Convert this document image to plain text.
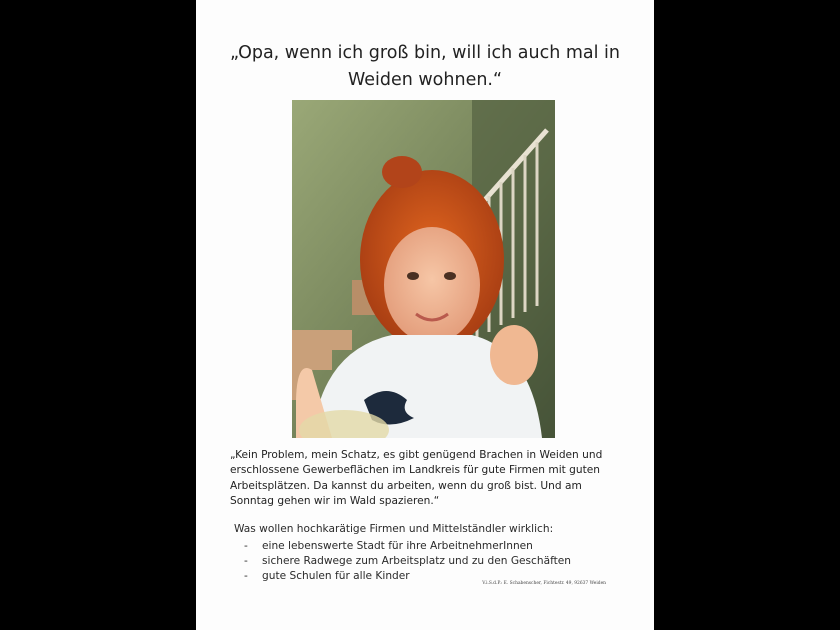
„Opa, wenn ich groß bin, will ich auch mal in Weiden wohnen.“
„Kein Problem, mein Schatz, es gibt genügend Brachen in Weiden und erschlossene Gewerbeflächen im Landkreis für gute Firmen mit guten Arbeitsplätzen. Da kannst du arbeiten, wenn du groß bist. Und am Sonntag gehen wir im Wald spazieren.“
Was wollen hochkarätige Firmen und Mittelständler wirklich:
- eine lebenswerte Stadt für ihre ArbeitnehmerInnen
- sichere Radwege zum Arbeitsplatz und zu den Geschäften
- gute Schulen für alle Kinder
V.i.S.d.P.: E. Schabenscher, Fichtestr. 49, 92637 Weiden
